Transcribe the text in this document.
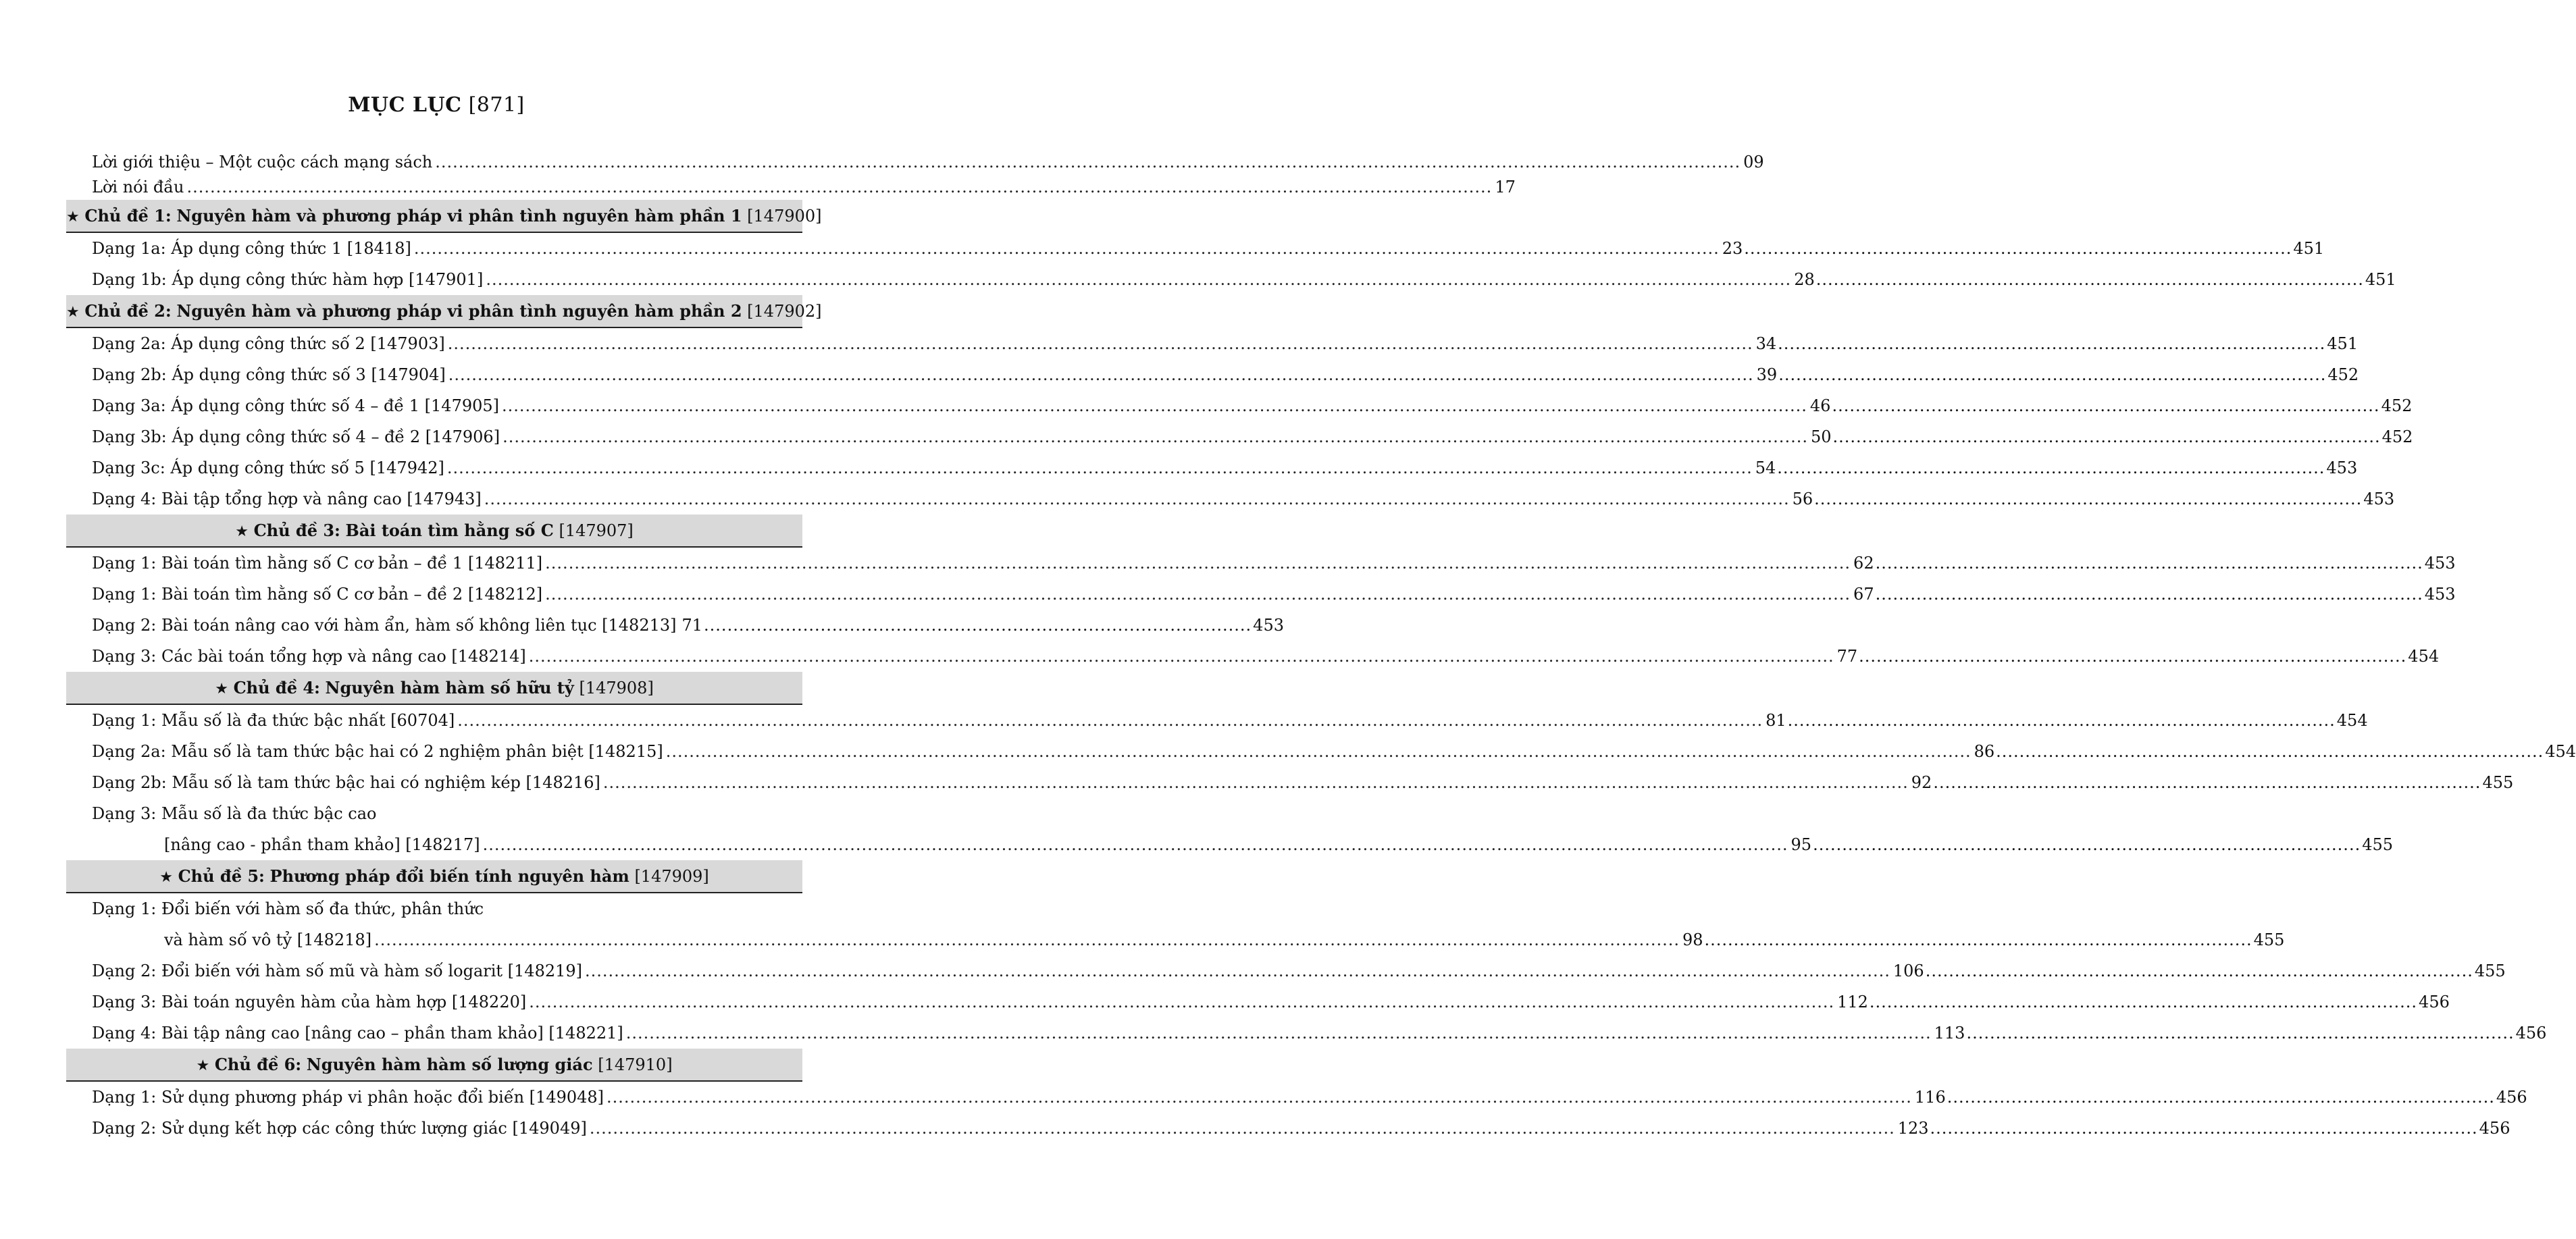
MỤC LỤC [871]
Lời giới thiệu – Một cuộc cách mạng sách .....	09
Lời nói đầu .....	17
★ Chủ đề 1: Nguyên hàm và phương pháp vi phân tình nguyên hàm phần 1 [147900]
Dạng 1a: Áp dụng công thức 1 [18418] .....	23 .....	451
Dạng 1b: Áp dụng công thức hàm hợp [147901] .....	28 .....	451
★ Chủ đề 2: Nguyên hàm và phương pháp vi phân tình nguyên hàm phần 2 [147902]
Dạng 2a: Áp dụng công thức số 2 [147903] .....	34 .....	451
Dạng 2b: Áp dụng công thức số 3 [147904] .....	39 .....	452
Dạng 3a: Áp dụng công thức số 4 – đề 1 [147905] .....	46 .....	452
Dạng 3b: Áp dụng công thức số 4 – đề 2 [147906] .....	50 .....	452
Dạng 3c: Áp dụng công thức số 5 [147942] .....	54 .....	453
Dạng 4: Bài tập tổng hợp và nâng cao [147943] .....	56 .....	453
★ Chủ đề 3: Bài toán tìm hằng số C [147907]
Dạng 1: Bài toán tìm hằng số C cơ bản – đề 1 [148211] .....	62 .....	453
Dạng 1: Bài toán tìm hằng số C cơ bản – đề 2 [148212] .....	67 .....	453
Dạng 2: Bài toán nâng cao với hàm ẩn, hàm số không liên tục [148213] 71 .....	453
Dạng 3: Các bài toán tổng hợp và nâng cao [148214] .....	77 .....	454
★ Chủ đề 4: Nguyên hàm hàm số hữu tỷ [147908]
Dạng 1: Mẫu số là đa thức bậc nhất [60704] .....	81 .....	454
Dạng 2a: Mẫu số là tam thức bậc hai có 2 nghiệm phân biệt [148215] .....	86 .....	454
Dạng 2b: Mẫu số là tam thức bậc hai có nghiệm kép [148216] .....	92 .....	455
Dạng 3: Mẫu số là đa thức bậc cao
[nâng cao - phần tham khảo] [148217] .....	95 .....	455
★ Chủ đề 5: Phương pháp đổi biến tính nguyên hàm [147909]
Dạng 1: Đổi biến với hàm số đa thức, phân thức
và hàm số vô tỷ [148218] .....	98 .....	455
Dạng 2: Đổi biến với hàm số mũ và hàm số logarit [148219] .....	106 .....	455
Dạng 3: Bài toán nguyên hàm của hàm hợp [148220] .....	112 .....	456
Dạng 4: Bài tập nâng cao [nâng cao – phần tham khảo] [148221] .....	113 .....	456
★ Chủ đề 6: Nguyên hàm hàm số lượng giác [147910]
Dạng 1: Sử dụng phương pháp vi phân hoặc đổi biến [149048] .....	116 .....	456
Dạng 2: Sử dụng kết hợp các công thức lượng giác [149049] .....	123 .....	456
